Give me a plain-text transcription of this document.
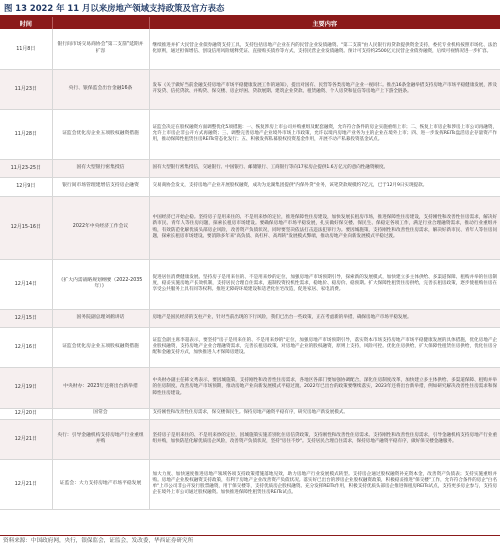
图 13 2022 年 11 月以来房地产领域支持政策及官方表态
时间		主要内容
11月8日	银行间市场交易商协会"第二支箭"延期并扩容	继续推进并扩大民营企业债券融资支持工具，支持包括房地产企业在内的民营企业发债融资。"第二支箭"由人民银行再贷款提供资金支持，委托专业机构按照市场化、法治化原则，通过担保增信、创设信用风险缓释凭证、直接购买债券等方式，支持民营企业发债融资。预计可支持约2500亿元民营企业债券融资，后续可视情况进一步扩容。
11月23日	央行、银保监会出台金融16条	发布《关于做好当前金融支持房地产市场平稳健康发展工作的通知》，提出对国有、民营等各类房地产企业一视同仁。推出16条金融举措支持房地产市场平稳健康发展，涉及开发贷、信托贷款、并购贷、保交楼、房企纾困、贷款展期、建筑企业贷款、租赁融资、个人房贷和征信等房地产上下游全链条。
11月28日	证监会优化房企业五项股权融资措施	证监会决定在股权融资方面调整优化5项措施：一、恢复涉房上市公司并购重组及配套融资，允许符合条件的房企实施重组上市；二、恢复上市房企和涉房上市公司再融资，允许上市房企非公开方式再融资；三、调整完善房地产企业境外市场上市政策，允许以境内房地产业务为主的企业在境外上市；四、进一步发挥REITs盘活房企存量资产作用，推动保障性租赁住房REITs常态化发行；五、积极发挥私募股权投资基金作用，开展不动产私募投资基金试点。
11月23-25日	国有大型银行密集授信	国有大型银行密集授信，交通银行、中国银行、邮储银行、工商银行等向17家房企提供1.6万亿元的意向性融资额度。
12月9日	银行间市场管理建增信支持房企融资	交易商协会发文，支持房地产企业开展股权融资，成功为龙湖集团提供"内保外贷"业务，该笔贷款规模约7亿元，已于12月9日实现提款。
12月15-16日	2022年中央经济工作会议	中国经济已开始企稳。坚持房子是用来住的、不是用来炒的定位，推进保障性住房建设，加快发展长租房市场，推进保障性住房建设，支持刚性和改善性住房需求，解决好新市民、青年人等住房问题，探索长租房市场建设。要确保房地产市场平稳发展，扎实做好保交楼、保民生、保稳定各项工作，满足行业合理融资需求，推动行业重组并购，有效防范化解优质头部房企风险，改善资产负债状况，同时要坚决依法打击违法犯罪行为。要因城施策，支持刚性和改善性住房需求，解决好新市民、青年人等住房问题，探索长租房市场建设。要消除多年来"高负债、高杠杆、高周转"发展模式弊端，推动房地产业向新发展模式平稳过渡。
12月14日	《扩大内需战略规划纲要（2022-2035年）》	促进居住消费健康发展。坚持房子是用来住的、不是用来炒的定位，加强房地产市场预期引导，探索新的发展模式，加快建立多主体供给、多渠道保障、租购并举的住房制度，稳妥实施房地产长效机制，支持居民合理自住需求，遏制投资投机性需求，稳地价、稳房价、稳预期。扩大保障性租赁住房供给，完善长租房政策，逐步使租购住房在享受公共服务上具有同等权利。推进无障碍环境建设和适老化住宅改造，促进家居、家电消费。
12月15日	国务院副总理刘鹤讲话	房地产是国民经济的支柱产业，针对当前出现的下行风险，我们已出台一些政策，正在考虑新的举措，确保房地产市场平稳发展。
12月16日	证监会优化房企业五项股权融资措施	证监会副主席李超表示，要坚持"房子是用来住的、不是用来炒的"定位，加强房地产市场预期引导，落实资本市场支持房地产市场平稳健康发展的具体措施，优化房地产企业股权融资，支持房地产企业合理融资需求，完善长租房政策。对房地产企业的股权融资，原则上支持，风险可控。优化住房供给，扩大保障性租赁住房供给，优化住房分配和金融支持方式，加快推进人才保障房建设。
12月19日	中央财办：2023年还将出台新举措	中央财办副主任韩文秀表示，要因城施策，支持刚性和改善性住房需求，各地区各部门要加强协调配合，深化住房制度改革，加快建立多主体供给、多渠道保障、租购并举的住房制度。改善房地产市场预期，推动房地产业向新发展模式平稳过渡。2022年已出台的政策要继续落实，2023年还将出台新举措，例如研究解决改善性住房需求和保障性住房建设。
12月20日	国常会	支持刚性和改善性住房需求，保交楼保民生。保持房地产融资平稳有序，研究房地产新发展模式。
12月21日	央行：引导金融机构支持房地产行业重组并购	坚持房子是用来住的、不是用来炒的定位，因城施策实施差别化住房信贷政策，支持刚性和改善性住房需求。支持刚性和改善性住房需求，引导金融机构支持房地产行业重组并购，加快防范化解优质房企风险，改善资产负债状况，坚持"房住不炒"。支持居民合理自住需求，保持房地产融资平稳有序，做好保交楼金融服务。
12月21日	证监会：大力支持房地产市场平稳发展	加大力度、加快速度推进房地产领域各项支持政策措施落地见效，助力房地产行业发展模式转型。支持房企通过股权融资补充资本金，改善资产负债表；支持实施重组并购。房地产企业股权融资支持政策，有利于房地产企业改善资产负债状况。落实好已出台的涉房企业股权融资政策，积极稳妥推进"保交楼"工作，允许符合条件的房企"白名单"上市公司非公开发行股票融资，用于保交楼等，支持优质房企股权融资。充分发挥REITs作用，积极支持优质头部房企推进保租房REITs试点，支持更多房企参与，支持房企在境外上市公司通过股权融资。加快推进保障性租赁住房REITs试点。
资料来源：中国政府网，央行，银保监会，证监会，发改委，华西证券研究所
